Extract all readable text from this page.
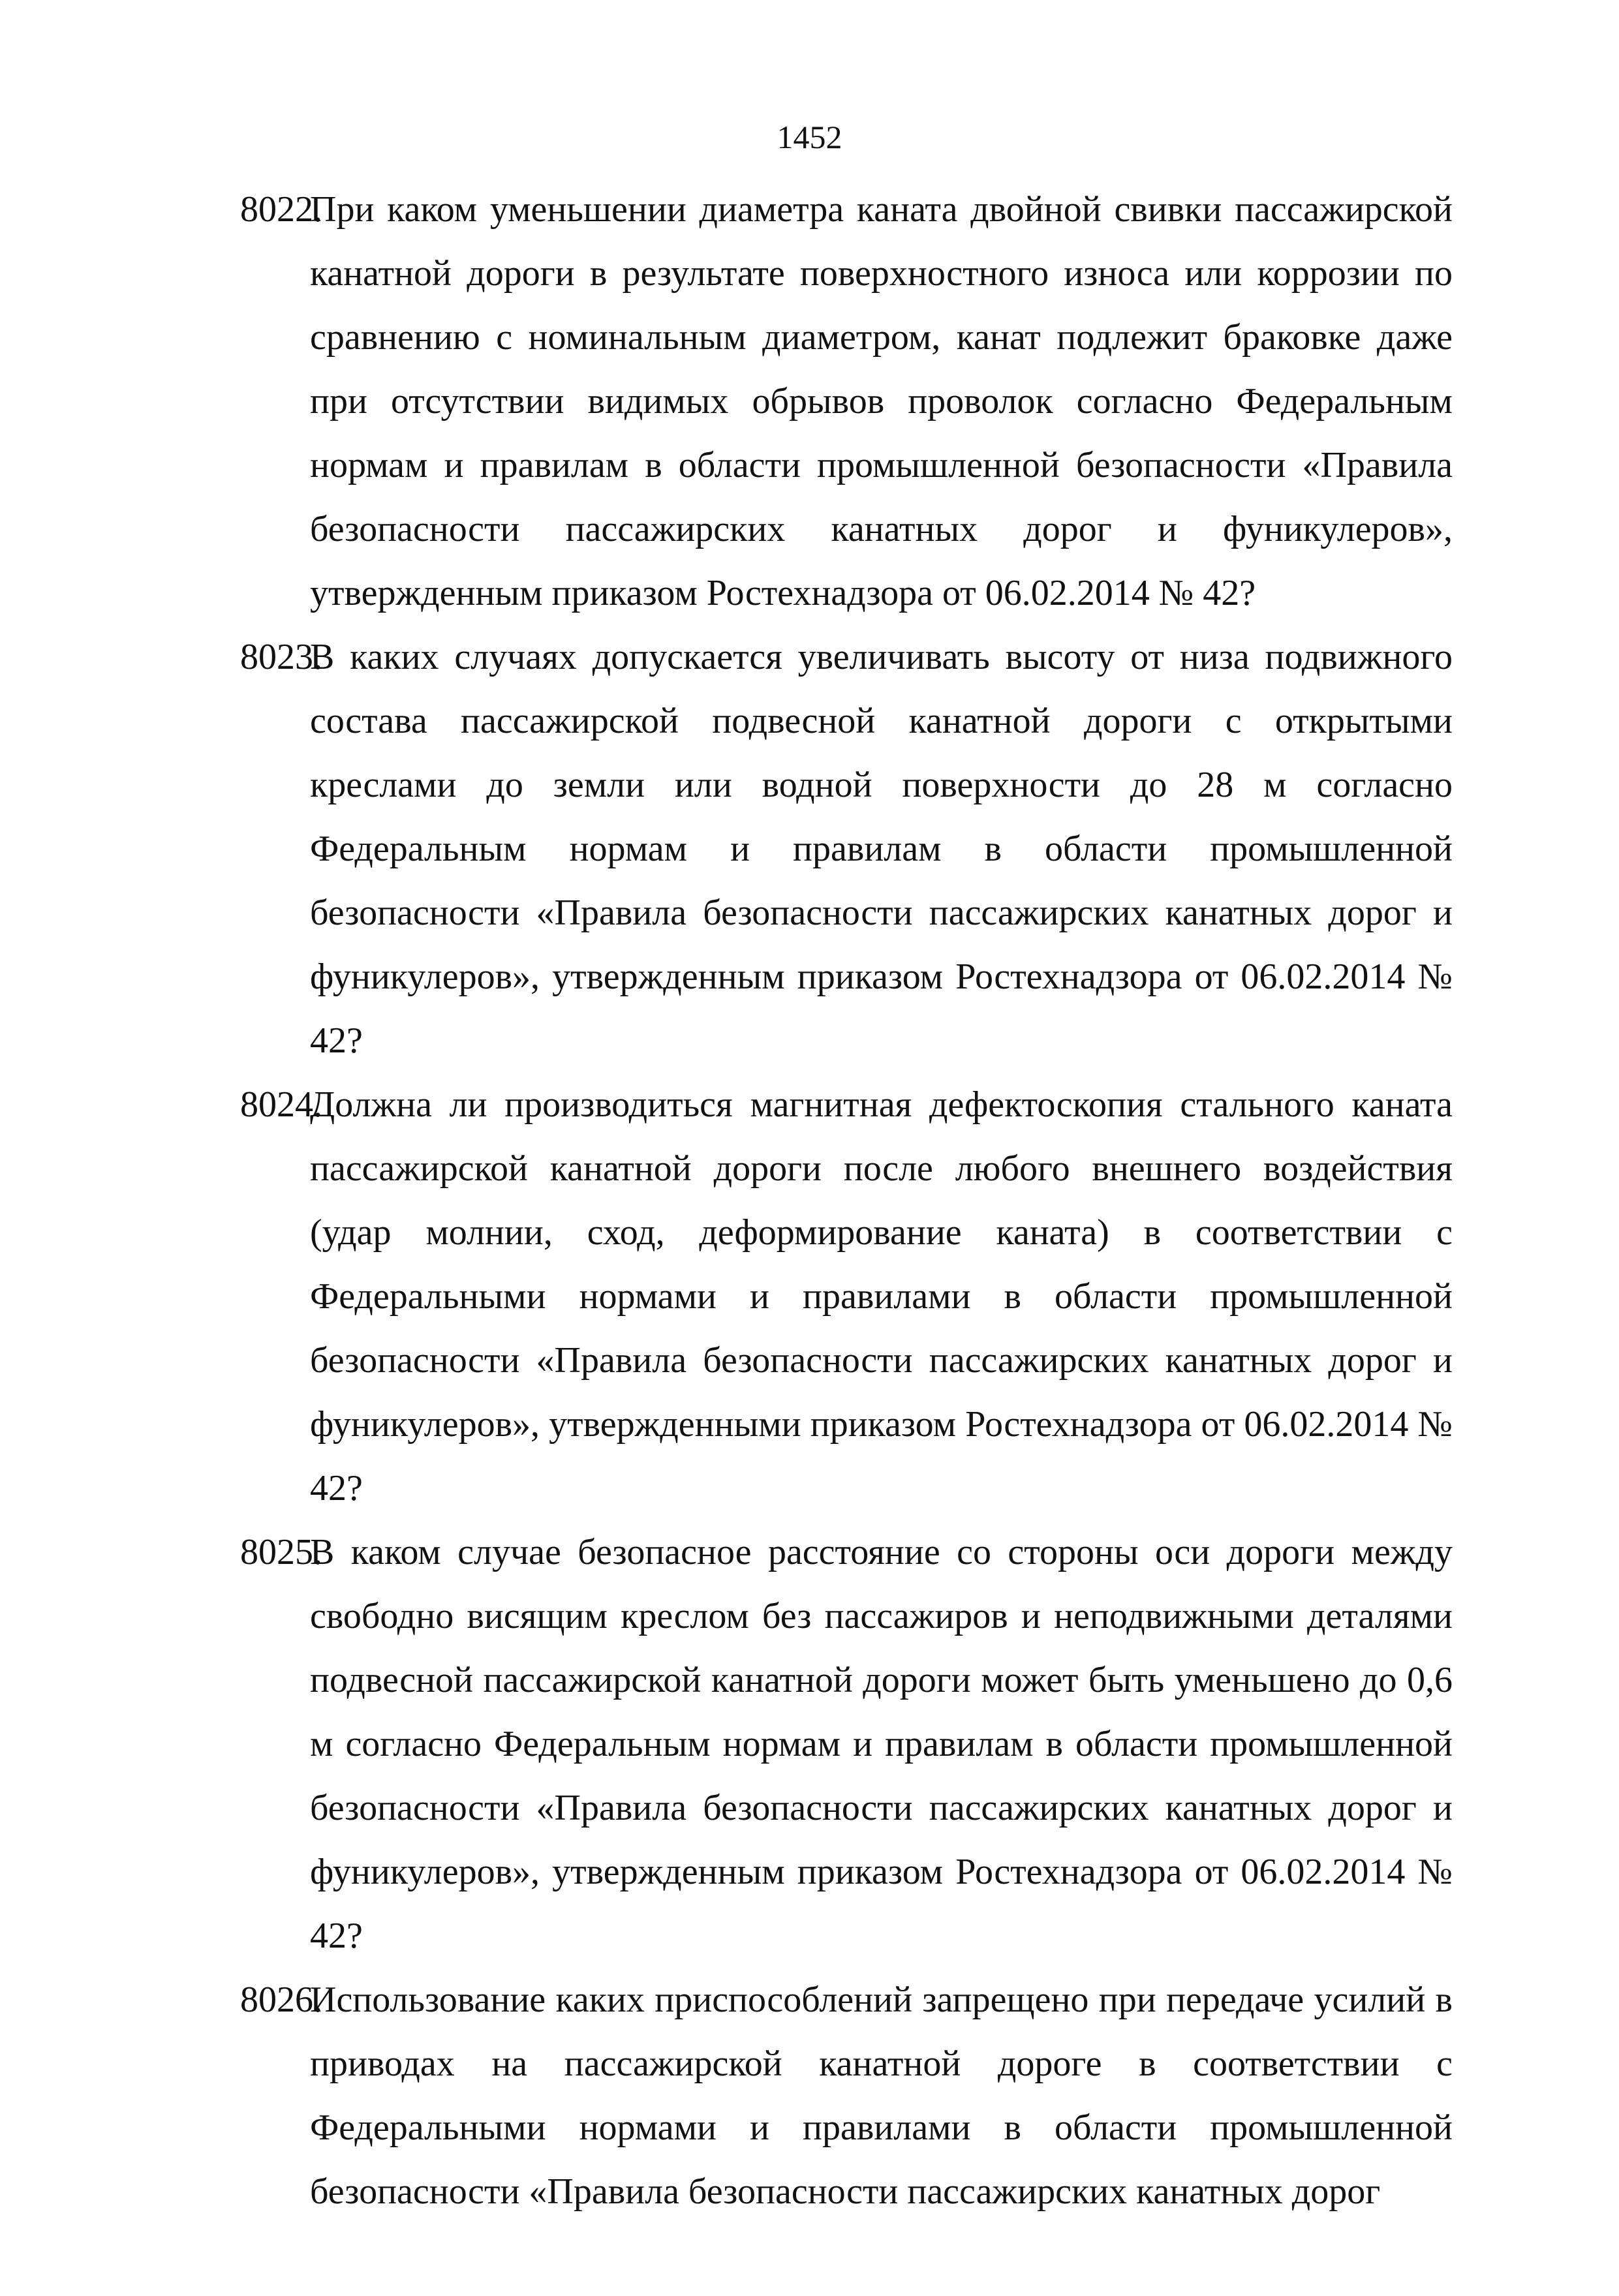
1452
8022.
При каком уменьшении диаметра каната двойной свивки пассажирской канатной дороги в результате поверхностного износа или коррозии по сравнению с номинальным диаметром, канат подлежит браковке даже при отсутствии видимых обрывов проволок согласно Федеральным нормам и правилам в области промышленной безопасности «Правила безопасности пассажирских канатных дорог и фуникулеров», утвержденным приказом Ростехнадзора от 06.02.2014 № 42?
8023.
В каких случаях допускается увеличивать высоту от низа подвижного состава пассажирской подвесной канатной дороги с открытыми креслами до земли или водной поверхности до 28 м согласно Федеральным нормам и правилам в области промышленной безопасности «Правила безопасности пассажирских канатных дорог и фуникулеров», утвержденным приказом Ростехнадзора от 06.02.2014 № 42?
8024.
Должна ли производиться магнитная дефектоскопия стального каната пассажирской канатной дороги после любого внешнего воздействия (удар молнии, сход, деформирование каната) в соответствии с Федеральными нормами и правилами в области промышленной безопасности «Правила безопасности пассажирских канатных дорог и фуникулеров», утвержденными приказом Ростехнадзора от 06.02.2014 № 42?
8025.
В каком случае безопасное расстояние со стороны оси дороги между свободно висящим креслом без пассажиров и неподвижными деталями подвесной пассажирской канатной дороги может быть уменьшено до 0,6 м согласно Федеральным нормам и правилам в области промышленной безопасности «Правила безопасности пассажирских канатных дорог и фуникулеров», утвержденным приказом Ростехнадзора от 06.02.2014 № 42?
8026.
Использование каких приспособлений запрещено при передаче усилий в приводах на пассажирской канатной дороге в соответствии с Федеральными нормами и правилами в области промышленной безопасности «Правила безопасности пассажирских канатных дорог
